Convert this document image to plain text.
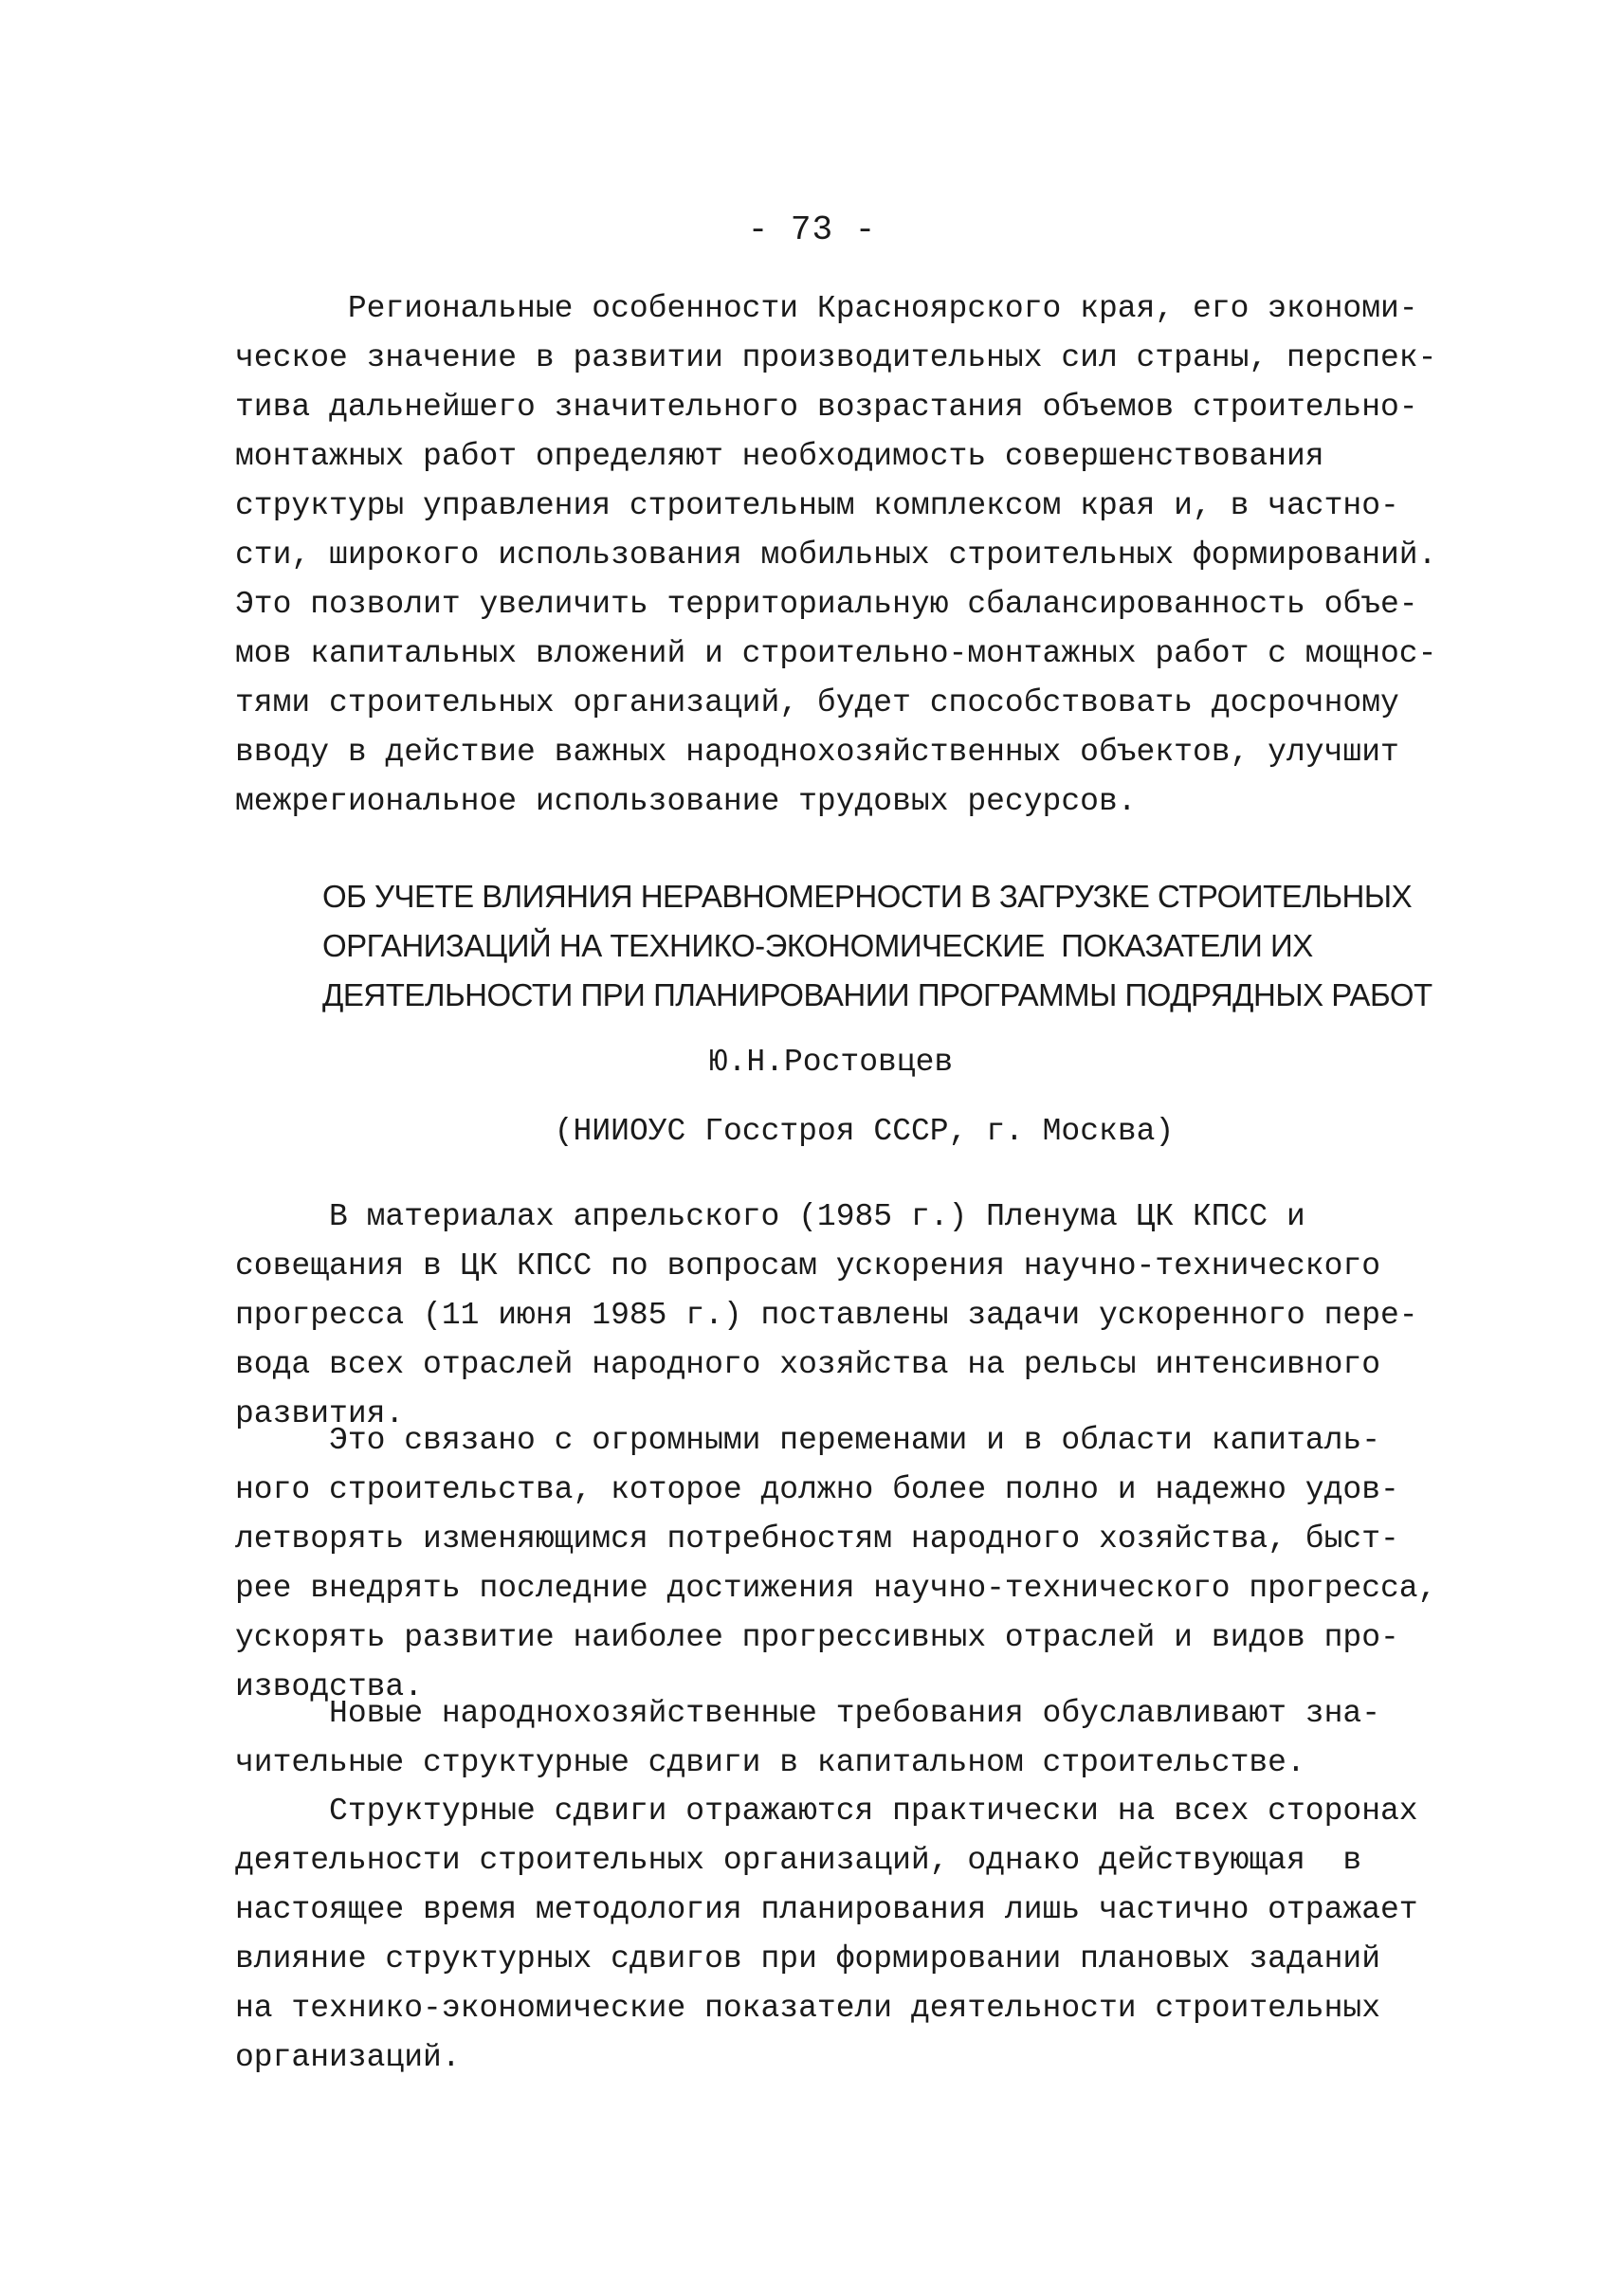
- 73 -
Региональные особенности Красноярского края, его экономи-
ческое значение в развитии производительных сил страны, перспек-
тива дальнейшего значительного возрастания объемов строительно-
монтажных работ определяют необходимость совершенствования
структуры управления строительным комплексом края и, в частно-
сти, широкого использования мобильных строительных формирований.
Это позволит увеличить территориальную сбалансированность объе-
мов капитальных вложений и строительно-монтажных работ с мощнос-
тями строительных организаций, будет способствовать досрочному
вводу в действие важных народнохозяйственных объектов, улучшит
межрегиональное использование трудовых ресурсов.
ОБ УЧЕТЕ ВЛИЯНИЯ НЕРАВНОМЕРНОСТИ В ЗАГРУЗКЕ СТРОИТЕЛЬНЫХ
ОРГАНИЗАЦИЙ НА ТЕХНИКО-ЭКОНОМИЧЕСКИЕ  ПОКАЗАТЕЛИ ИХ
ДЕЯТЕЛЬНОСТИ ПРИ ПЛАНИРОВАНИИ ПРОГРАММЫ ПОДРЯДНЫХ РАБОТ
Ю.Н.Ростовцев
(НИИОУС Госстроя СССР, г. Москва)
В материалах апрельского (1985 г.) Пленума ЦК КПСС и
совещания в ЦК КПСС по вопросам ускорения научно-технического
прогресса (11 июня 1985 г.) поставлены задачи ускоренного пере-
вода всех отраслей народного хозяйства на рельсы интенсивного
развития.
Это связано с огромными переменами и в области капиталь-
ного строительства, которое должно более полно и надежно удов-
летворять изменяющимся потребностям народного хозяйства, быст-
рее внедрять последние достижения научно-технического прогресса,
ускорять развитие наиболее прогрессивных отраслей и видов про-
изводства.
Новые народнохозяйственные требования обуславливают зна-
чительные структурные сдвиги в капитальном строительстве.
Структурные сдвиги отражаются практически на всех сторонах
деятельности строительных организаций, однако действующая  в
настоящее время методология планирования лишь частично отражает
влияние структурных сдвигов при формировании плановых заданий
на технико-экономические показатели деятельности строительных
организаций.
